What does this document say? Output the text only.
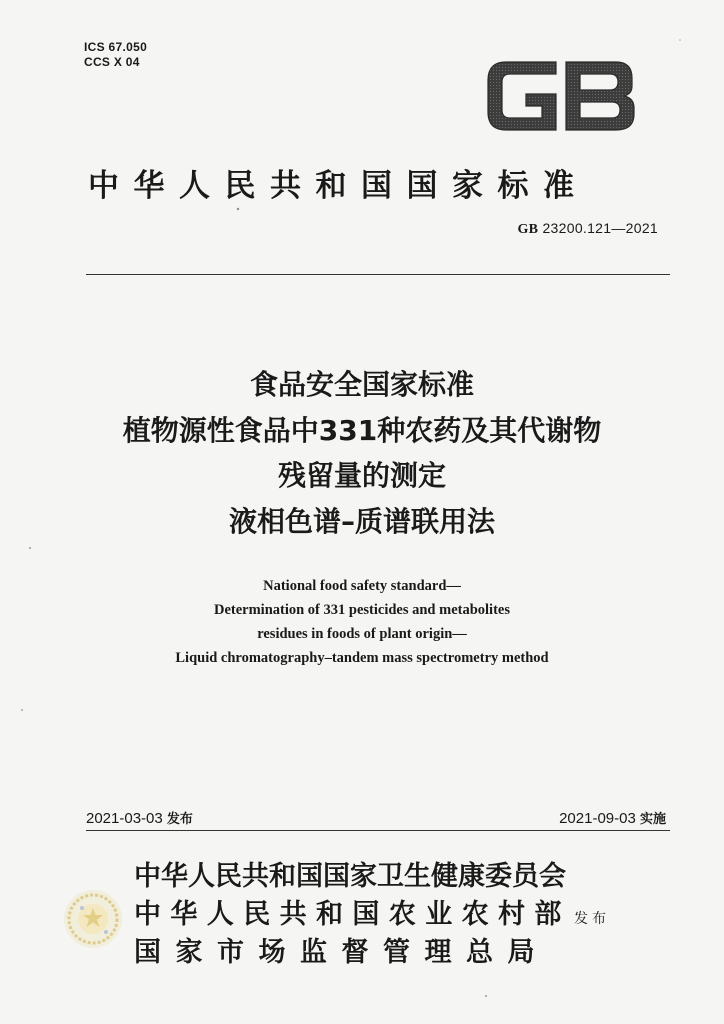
ICS 67.050
CCS X 04
中华人民共和国国家标准
GB 23200.121—2021
食品安全国家标准
植物源性食品中331种农药及其代谢物
残留量的测定
液相色谱–质谱联用法
National food safety standard—
Determination of 331 pesticides and metabolites
residues in foods of plant origin—
Liquid chromatography–tandem mass spectrometry method
2021-03-03 发布	2021-09-03 实施
中华人民共和国国家卫生健康委员会
中华人民共和国农业农村部
国家市场监督管理总局
发布
